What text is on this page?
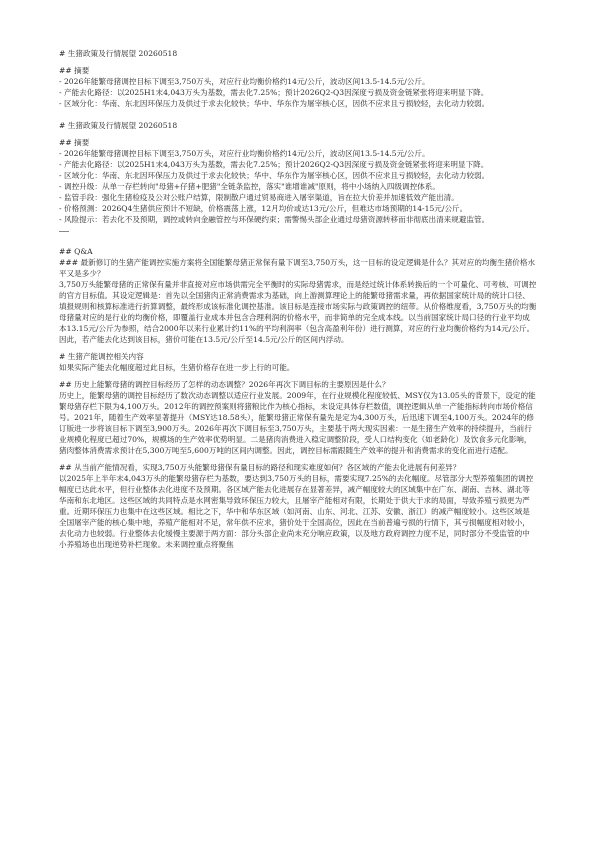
# 生猪政策及行情展望 20260518

## 摘要

- 2026年能繁母猪调控目标下调至3,750万头，对应行业均衡价格约14元/公斤，波动区间13.5-14.5元/公斤。

- 产能去化路径：以2025H1末4,043万头为基数，需去化7.25%；预计2026Q2-Q3因深度亏损及资金链紧张将迎来明显下降。

- 区域分化：华南、东北因环保压力及供过于求去化较快；华中、华东作为屠宰核心区，因供不应求且亏损较轻，去化动力较弱。

# 生猪政策及行情展望 20260518

## 摘要

- 2026年能繁母猪调控目标下调至3,750万头，对应行业均衡价格约14元/公斤，波动区间13.5-14.5元/公斤。

- 产能去化路径：以2025H1末4,043万头为基数，需去化7.25%；预计2026Q2-Q3因深度亏损及资金链紧张将迎来明显下降。

- 区域分化：华南、东北因环保压力及供过于求去化较快；华中、华东作为屠宰核心区，因供不应求且亏损较轻，去化动力较弱。

- 调控升级：从单一存栏转向"母猪+仔猪+肥猪"全链条监控，落实"谁增谁减"原则，将中小场纳入四级调控体系。

- 监管手段：强化生猪检疫及公对公账户结算，限制散户通过贸易商进入屠宰渠道，旨在拉大价差并加速低效产能出清。

- 价格预测：2026Q4生猪供应预计不短缺，价格震荡上涨，12月均价或达13元/公斤，但难达市场预期的14-15元/公斤。

- 风险提示：若去化不及预期，调控或转向金融管控与环保硬约束；需警惕头部企业通过母猪资源转移而非彻底出清来规避监管。

## Q&A

### 最新修订的生猪产能调控实施方案将全国能繁母猪正常保有量下调至3,750万头，这一目标的设定逻辑是什么？其对应的均衡生猪价格水平又是多少？

3,750万头能繁母猪的正常保有量并非直接对应市场供需完全平衡时的实际母猪需求，而是经过统计体系转换后的一个可量化、可考核、可调控的官方目标值。其设定逻辑是：首先以全国猪肉正常消费需求为基础，向上游测算理论上的能繁母猪需求量，再依据国家统计局的统计口径、填报规则和核算标准进行折算调整，最终形成该标准化调控基准。该目标是连接市场实际与政策调控的纽带。从价格维度看，3,750万头的均衡母猪量对应的是行业的均衡价格，即覆盖行业成本并包含合理利润的价格水平，而非简单的完全成本线。以当前国家统计局口径的行业平均成本13.15元/公斤为参照，结合2000年以来行业累计约11%的平均利润率（包含高盈利年份）进行测算，对应的行业均衡价格约为14元/公斤。因此，若产能去化达到该目标，猪价可能在13.5元/公斤至14.5元/公斤的区间内浮动。

# 生猪产能调控相关内容

如果实际产能去化幅度超过此目标，生猪价格存在进一步上行的可能。

## 历史上能繁母猪的调控目标经历了怎样的动态调整？2026年再次下调目标的主要原因是什么？

历史上，能繁母猪的调控目标经历了数次动态调整以适应行业发展。2009年，在行业规模化程度较低、MSY仅为13.05头的背景下，设定的能繁母猪存栏下限为4,100万头。2012年的调控预案则将猪粮比作为核心指标，未设定具体存栏数值，调控逻辑从单一产能指标转向市场价格信号。2021年，随着生产效率显著提升（MSY达18.58头），能繁母猪正常保有量先是定为4,300万头，后迅速下调至4,100万头。2024年的修订版进一步将该目标下调至3,900万头。2026年再次下调目标至3,750万头，主要基于两大现实因素：一是生猪生产效率的持续提升，当前行业规模化程度已超过70%，规模场的生产效率优势明显。二是猪肉消费进入稳定调整阶段，受人口结构变化（如老龄化）及饮食多元化影响，猪肉整体消费需求预计在5,300万吨至5,600万吨的区间内调整。因此，调控目标需跟随生产效率的提升和消费需求的变化而进行适配。

## 从当前产能情况看，实现3,750万头能繁母猪保有量目标的路径和现实难度如何？各区域的产能去化进展有何差异？

以2025年上半年末4,043万头的能繁母猪存栏为基数，要达到3,750万头的目标，需要实现7.25%的去化幅度。尽管部分大型养殖集团的调控幅度已达此水平，但行业整体去化进度不及预期。各区域产能去化进展存在显著差异，减产幅度较大的区域集中在广东、湖南、吉林、湖北等华南和东北地区。这些区域的共同特点是水网密集导致环保压力较大，且屠宰产能相对有限，长期处于供大于求的局面，导致养殖亏损更为严重。近期环保压力也集中在这些区域。相比之下，华中和华东区域（如河南、山东、河北、江苏、安徽、浙江）的减产幅度较小。这些区域是全国屠宰产能的核心集中地，养殖产能相对不足，常年供不应求，猪价处于全国高位，因此在当前普遍亏损的行情下，其亏损幅度相对较小，去化动力也较弱。行业整体去化缓慢主要源于两方面：部分头部企业尚未充分响应政策，以及地方政府调控力度不足，同时部分不受监管的中小养殖场也出现逆势补栏现象。未来调控重点将聚焦
